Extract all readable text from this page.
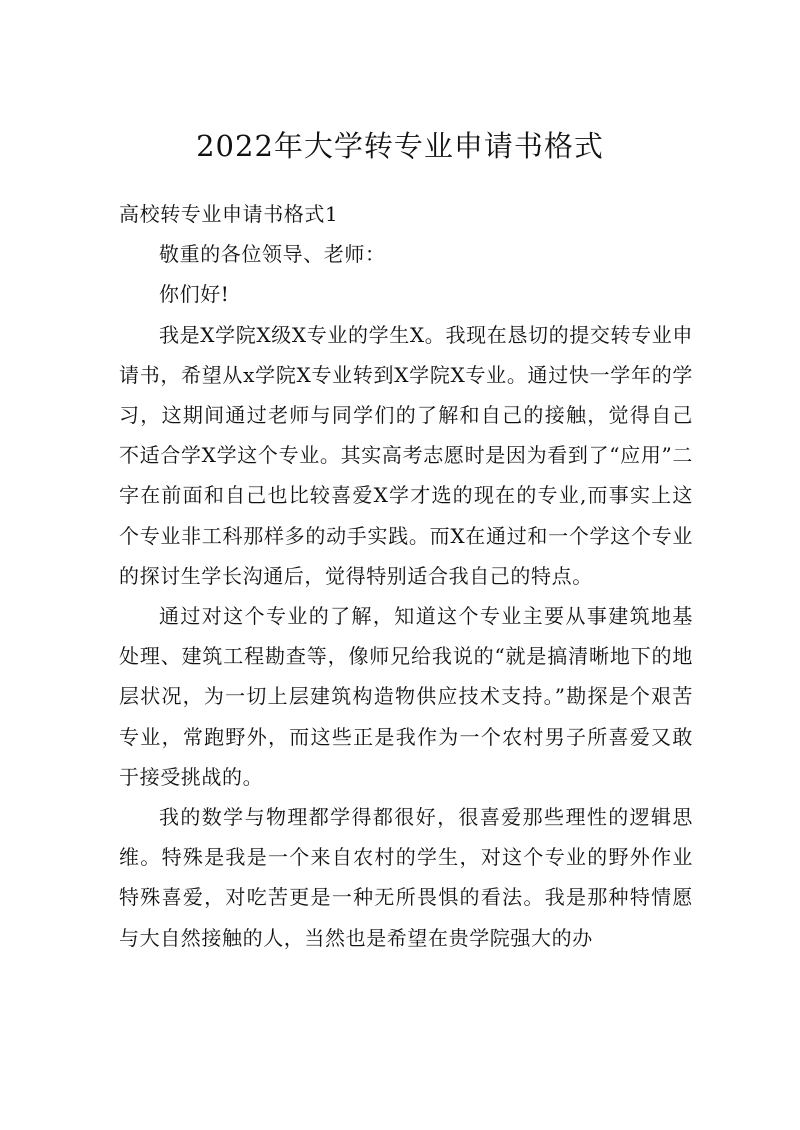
2022年大学转专业申请书格式

高校转专业申请书格式1

敬重的各位领导、老师：

你们好!

我是X学院X级X专业的学生X。我现在恳切的提交转专业申请书，希望从x学院X专业转到X学院X专业。通过快一学年的学习，这期间通过老师与同学们的了解和自己的接触，觉得自己不适合学X学这个专业。其实高考志愿时是因为看到了“应用”二字在前面和自己也比较喜爱X学才选的现在的专业,而事实上这个专业非工科那样多的动手实践。而X在通过和一个学这个专业的探讨生学长沟通后，觉得特别适合我自己的特点。

通过对这个专业的了解，知道这个专业主要从事建筑地基处理、建筑工程勘查等，像师兄给我说的“就是搞清晰地下的地层状况，为一切上层建筑构造物供应技术支持。”勘探是个艰苦专业，常跑野外，而这些正是我作为一个农村男子所喜爱又敢于接受挑战的。

我的数学与物理都学得都很好，很喜爱那些理性的逻辑思维。特殊是我是一个来自农村的学生，对这个专业的野外作业特殊喜爱，对吃苦更是一种无所畏惧的看法。我是那种特情愿与大自然接触的人，当然也是希望在贵学院强大的办
